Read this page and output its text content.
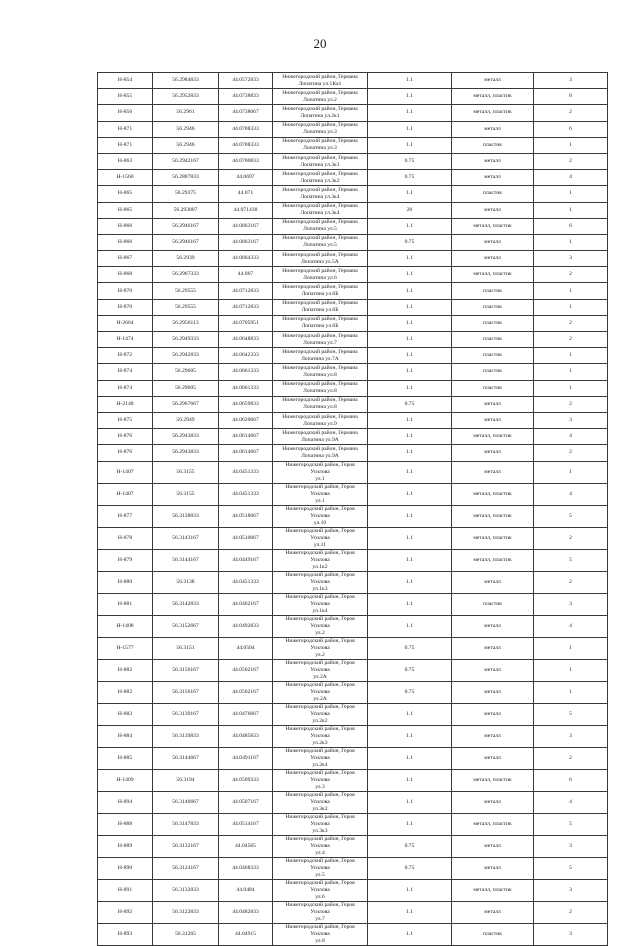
20
Н-854	56.2984833	44.0572833	Нижегородский район, Германа
Лопатина ул.1Ка1	1.1	металл	3
Н-855	56.2952833	44.0738833	Нижегородский район, Германа
Лопатина ул.2	1.1	металл, пластик	8
Н-856	56.2961	44.0738667	Нижегородский район, Германа
Лопатина ул.2к1	1.1	металл, пластик	2
Н-871	56.2946	44.0708333	Нижегородский район, Германа
Лопатина ул.3	1.1	металл	6
Н-871	56.2946	44.0708333	Нижегородский район, Германа
Лопатина ул.3	1.1	пластик	1
Н-863	56.2942167	44.0700833	Нижегородский район, Германа
Лопатина ул.3к1	0.75	металл	2
Н-1560	56.2887833	44.0697	Нижегородский район, Германа
Лопатина ул.3к2	0.75	металл	4
Н-865	56.29375	44.071	Нижегородский район, Германа
Лопатина ул.3к4	1.1	пластик	1
Н-865	56.293807	44.071438	Нижегородский район, Германа
Лопатина ул.3к4	20	металл	1
Н-866	56.2946167	44.0663167	Нижегородский район, Германа
Лопатина ул.5	1.1	металл, пластик	6
Н-866	56.2946167	44.0663167	Нижегородский район, Германа
Лопатина ул.5	0.75	металл	1
Н-867	56.2939	44.0664333	Нижегородский район, Германа
Лопатина ул.5А	1.1	металл	3
Н-868	56.2967333	44.067	Нижегородский район, Германа
Лопатина ул.6	1.1	металл, пластик	2
Н-870	56.29555	44.0712833	Нижегородский район, Германа
Лопатина ул.6Б	1.1	пластик	1
Н-870	56.29555	44.0712833	Нижегородский район, Германа
Лопатина ул.6Б	1.1	пластик	1
Н-2664	56.2956113	44.0705951	Нижегородский район, Германа
Лопатина ул.6Б	1.1	пластик	2
Н-1474	56.2949333	44.0648833	Нижегородский район, Германа
Лопатина ул.7	1.1	пластик	2
Н-872	56.2942833	44.0642333	Нижегородский район, Германа
Лопатина ул.7А	1.1	пластик	1
Н-874	56.29605	44.0661333	Нижегородский район, Германа
Лопатина ул.8	1.1	пластик	1
Н-874	56.29605	44.0661333	Нижегородский район, Германа
Лопатина ул.8	1.1	пластик	1
Н-2148	56.2967667	44.0659833	Нижегородский район, Германа
Лопатина ул.8	0.75	металл	2
Н-875	56.2949	44.0620667	Нижегородский район, Германа
Лопатина ул.9	1.1	металл	3
Н-876	56.2943833	44.0614667	Нижегородский район, Германа
Лопатина ул.9А	1.1	металл, пластик	4
Н-876	56.2943833	44.0614667	Нижегородский район, Германа
Лопатина ул.9А	1.1	металл	2
Н-1407	56.3155	44.0451333	Нижегородский район, Героя Усилова
ул.1	1.1	металл	1
Н-1407	56.3155	44.0451333	Нижегородский район, Героя Усилова
ул.1	1.1	металл, пластик	4
Н-877	56.3138833	44.0518667	Нижегородский район, Героя Усилова
ул.10	1.1	металл, пластик	5
Н-878	56.3143167	44.0510667	Нижегородский район, Героя Усилова
ул.11	1.1	металл, пластик	2
Н-879	56.3144167	44.0449167	Нижегородский район, Героя Усилова
ул.1к2	1.1	металл, пластик	5
Н-880	56.3138	44.0451333	Нижегородский район, Героя Усилова
ул.1к3	1.1	металл	2
Н-881	56.3142833	44.0462167	Нижегородский район, Героя Усилова
ул.1к4	1.1	пластик	3
Н-1408	56.3152667	44.0492833	Нижегородский район, Героя Усилова
ул.2	1.1	металл	4
Н-1577	56.3151	44.0504	Нижегородский район, Героя Усилова
ул.2	0.75	металл	1
Н-882	56.3156167	44.0502167	Нижегородский район, Героя Усилова
ул.2А	0.75	металл	1
Н-882	56.3156167	44.0502167	Нижегородский район, Героя Усилова
ул.2А	0.75	металл	1
Н-883	56.3139167	44.0476667	Нижегородский район, Героя Усилова
ул.2к2	1.1	металл	5
Н-884	56.3139833	44.0485833	Нижегородский район, Героя Усилова
ул.2к3	1.1	металл	3
Н-885	56.3144667	44.0491167	Нижегородский район, Героя Усилова
ул.2к4	1.1	металл	2
Н-1409	56.3194	44.0509333	Нижегородский район, Героя Усилова
ул.3	1.1	металл, пластик	6
Н-894	56.3146667	44.0507167	Нижегородский район, Героя Усилова
ул.3к2	1.1	металл	4
Н-888	56.3147833	44.0514167	Нижегородский район, Героя Усилова
ул.3к3	1.1	металл, пластик	5
Н-889	56.3132167	44.04565	Нижегородский район, Героя Усилова
ул.4	0.75	металл	3
Н-890	56.3124167	44.0468333	Нижегородский район, Героя Усилова
ул.5	0.75	металл	5
Н-891	56.3132833	44.0484	Нижегородский район, Героя Усилова
ул.6	1.1	металл, пластик	3
Н-892	56.3122833	44.0482833	Нижегородский район, Героя Усилова
ул.7	1.1	металл	2
Н-893	56.31265	44.04915	Нижегородский район, Героя Усилова
ул.8	1.1	пластик	3
